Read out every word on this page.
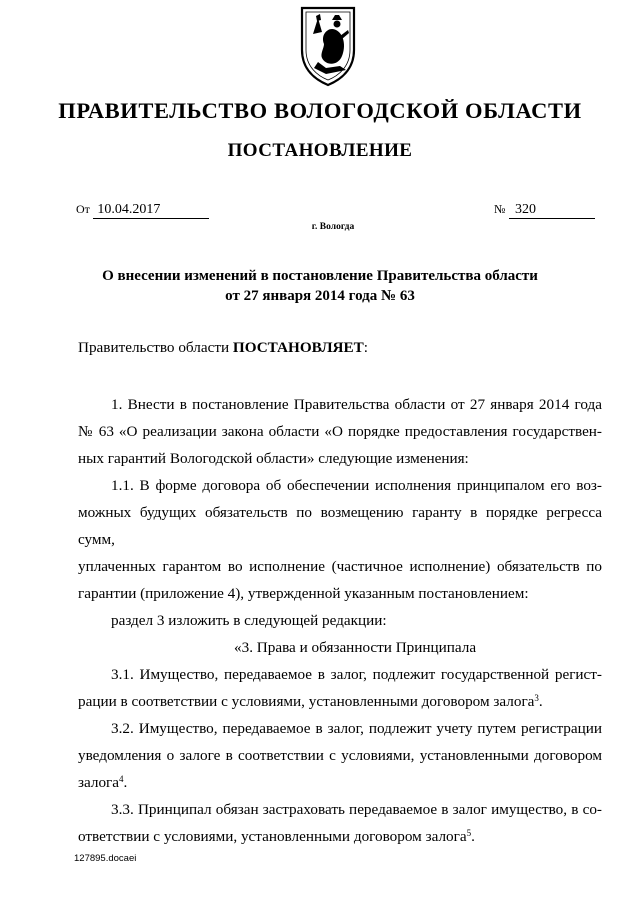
ПРАВИТЕЛЬСТВО ВОЛОГОДСКОЙ ОБЛАСТИ
ПОСТАНОВЛЕНИЕ
От 10.04.2017	№ 320
г. Вологда
О внесении изменений в постановление Правительства области
от 27 января 2014 года № 63
Правительство области ПОСТАНОВЛЯЕТ:

1. Внести в постановление Правительства области от 27 января 2014 года

№ 63 «О реализации закона области «О порядке предоставления государствен-

ных гарантий Вологодской области» следующие изменения:

1.1. В форме договора об обеспечении исполнения принципалом его воз-

можных будущих обязательств по возмещению гаранту в порядке регресса сумм,

уплаченных гарантом во исполнение (частичное исполнение) обязательств по

гарантии (приложение 4), утвержденной указанным постановлением:

раздел 3 изложить в следующей редакции:

«3. Права и обязанности Принципала

3.1. Имущество, передаваемое в залог, подлежит государственной регист-

рации в соответствии с условиями, установленными договором залога$^3$.

3.2. Имущество, передаваемое в залог, подлежит учету путем регистрации

уведомления о залоге в соответствии с условиями, установленными договором

залога$^4$.

3.3. Принципал обязан застраховать передаваемое в залог имущество, в со-

ответствии с условиями, установленными договором залога$^5$.

127895.docaei
